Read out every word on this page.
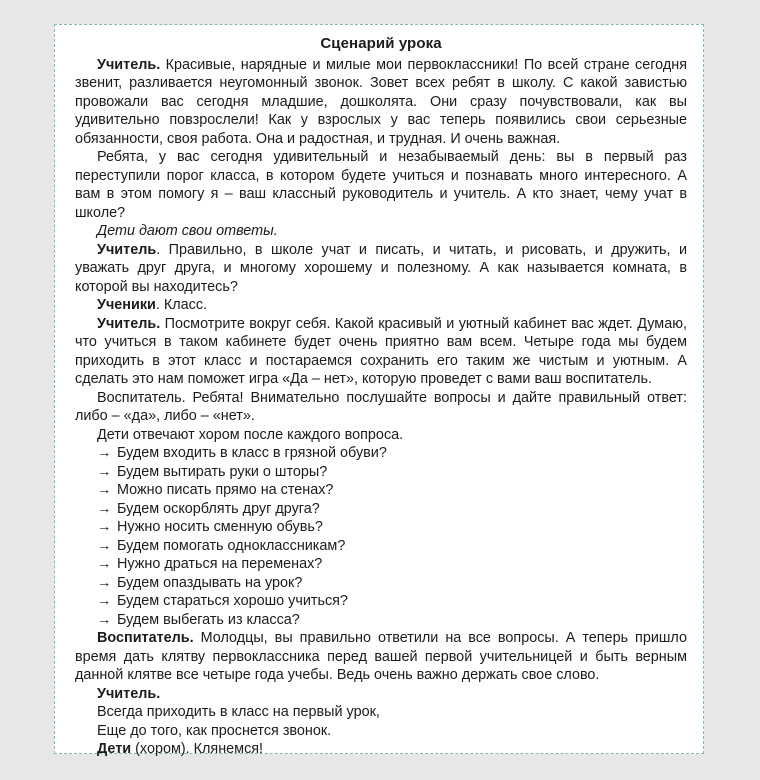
Сценарий урока

Учитель. Красивые, нарядные и милые мои первоклассники! По всей стране сегодня звенит, разливается неугомонный звонок. Зовет всех ребят в школу. С какой завистью провожали вас сегодня младшие, дошколята. Они сразу почувствовали, как вы удивительно повзрослели! Как у взрослых у вас теперь появились свои серьезные обязанности, своя работа. Она и радостная, и трудная. И очень важная.

Ребята, у вас сегодня удивительный и незабываемый день: вы в первый раз переступили порог класса, в котором будете учиться и познавать много интересного. А вам в этом помогу я – ваш классный руководитель и учитель. А кто знает, чему учат в школе?

Дети дают свои ответы.

Учитель. Правильно, в школе учат и писать, и читать, и рисовать, и дружить, и уважать друг друга, и многому хорошему и полезному. А как называется комната, в которой вы находитесь?

Ученики. Класс.

Учитель. Посмотрите вокруг себя. Какой красивый и уютный кабинет вас ждет. Думаю, что учиться в таком кабинете будет очень приятно вам всем. Четыре года мы будем приходить в этот класс и постараемся сохранить его таким же чистым и уютным. А сделать это нам поможет игра «Да – нет», которую проведет с вами ваш воспитатель.

Воспитатель. Ребята! Внимательно послушайте вопросы и дайте правильный ответ: либо – «да», либо – «нет».

Дети отвечают хором после каждого вопроса.

→ Будем входить в класс в грязной обуви?
→ Будем вытирать руки о шторы?
→ Можно писать прямо на стенах?
→ Будем оскорблять друг друга?
→ Нужно носить сменную обувь?
→ Будем помогать одноклассникам?
→ Нужно драться на переменах?
→ Будем опаздывать на урок?
→ Будем стараться хорошо учиться?
→ Будем выбегать из класса?

Воспитатель. Молодцы, вы правильно ответили на все вопросы. А теперь пришло время дать клятву первоклассника перед вашей первой учительницей и быть верным данной клятве все четыре года учебы. Ведь очень важно держать свое слово.

Учитель.

Всегда приходить в класс на первый урок,

Еще до того, как проснется звонок.

Дети (хором). Клянемся!
